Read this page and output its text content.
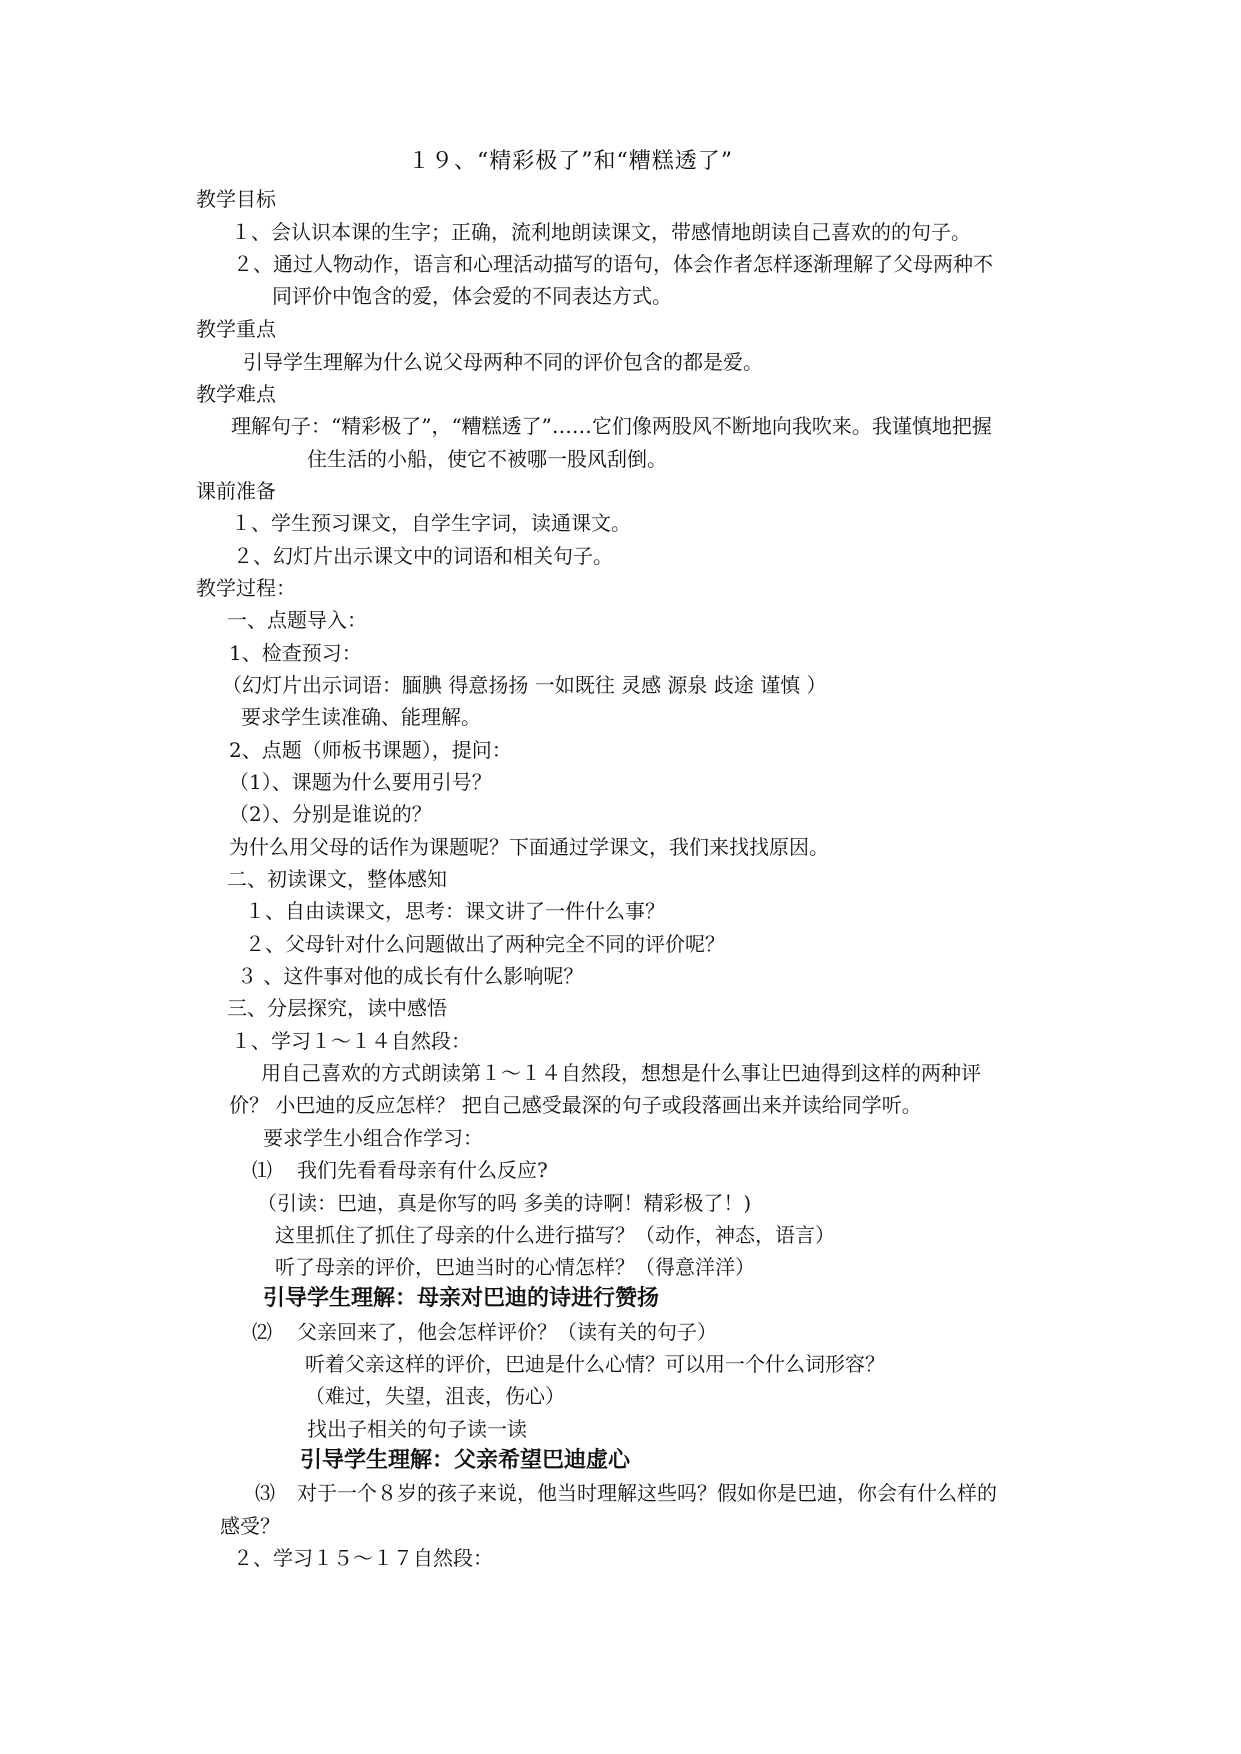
１９、“精彩极了”和“糟糕透了”
教学目标
１、会认识本课的生字；正确，流利地朗读课文，带感情地朗读自己喜欢的的句子。
２、通过人物动作，语言和心理活动描写的语句，体会作者怎样逐渐理解了父母两种不
同评价中饱含的爱，体会爱的不同表达方式。
教学重点
引导学生理解为什么说父母两种不同的评价包含的都是爱。
教学难点
理解句子：“精彩极了”，“糟糕透了”……它们像两股风不断地向我吹来。我谨慎地把握
住生活的小船，使它不被哪一股风刮倒。
课前准备
１、学生预习课文，自学生字词，读通课文。
２、幻灯片出示课文中的词语和相关句子。
教学过程：
一、点题导入：
1、检查预习：
（幻灯片出示词语：腼腆 得意扬扬 一如既往 灵感 源泉 歧途 谨慎 ）
要求学生读准确、能理解。
2、点题（师板书课题），提问：
（1）、课题为什么要用引号？
（2）、分别是谁说的？
为什么用父母的话作为课题呢？下面通过学课文，我们来找找原因。
二、初读课文，整体感知
１、自由读课文，思考：课文讲了一件什么事？
２、父母针对什么问题做出了两种完全不同的评价呢？
３ 、这件事对他的成长有什么影响呢？
三、分层探究，读中感悟
１、学习１～１４自然段：
用自己喜欢的方式朗读第１～１４自然段，想想是什么事让巴迪得到这样的两种评
价？ 小巴迪的反应怎样？ 把自己感受最深的句子或段落画出来并读给同学听。
要求学生小组合作学习：
⑴ 我们先看看母亲有什么反应?
（引读：巴迪，真是你写的吗 多美的诗啊！精彩极了！)
这里抓住了抓住了母亲的什么进行描写？（动作，神态，语言）
听了母亲的评价，巴迪当时的心情怎样？（得意洋洋）
引导学生理解：母亲对巴迪的诗进行赞扬
⑵ 父亲回来了，他会怎样评价？（读有关的句子）
听着父亲这样的评价，巴迪是什么心情？可以用一个什么词形容？
（难过，失望，沮丧，伤心）
找出子相关的句子读一读
引导学生理解：父亲希望巴迪虚心
⑶ 对于一个８岁的孩子来说，他当时理解这些吗？假如你是巴迪，你会有什么样的
感受？
２、学习１５～１７自然段：
